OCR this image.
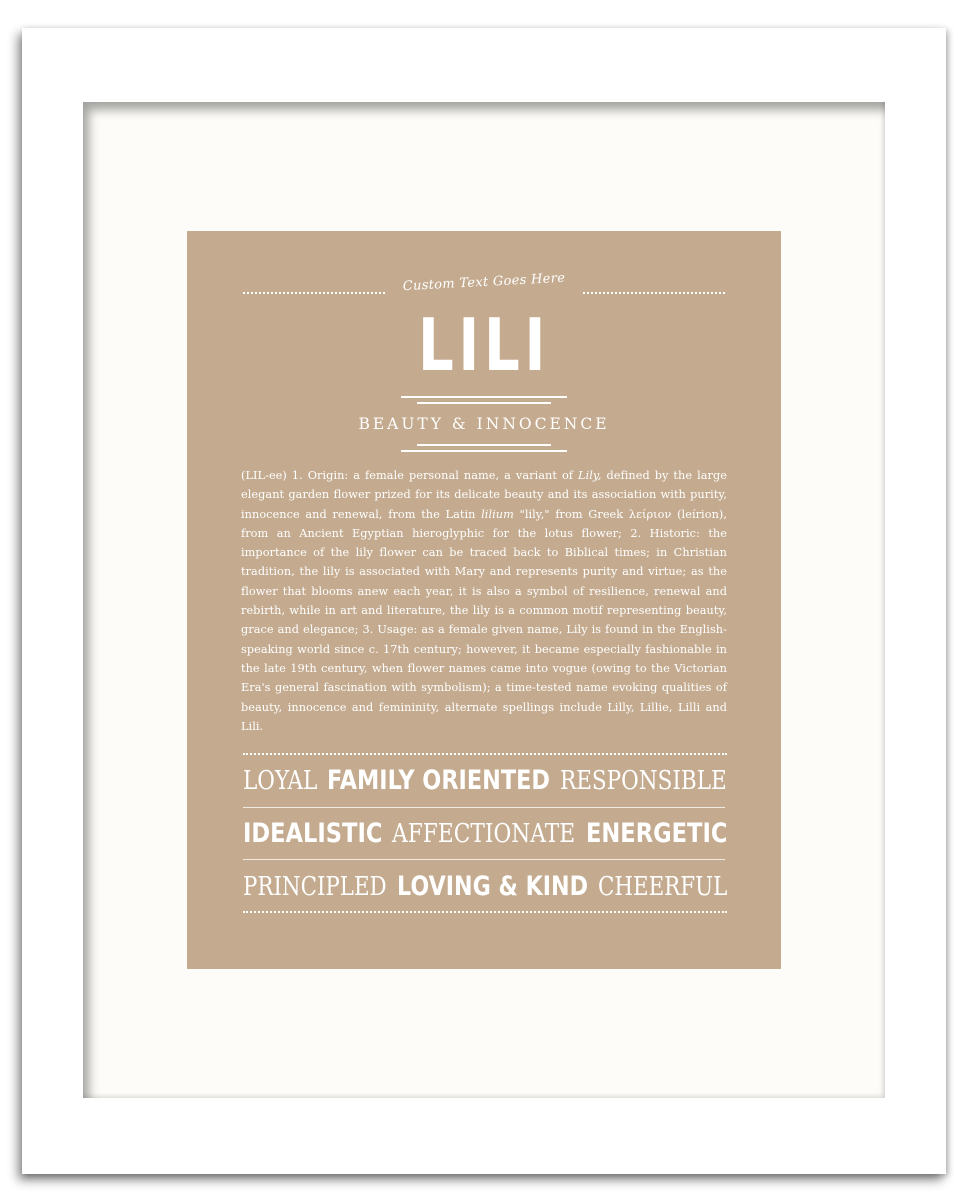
Custom Text Goes Here
LILI
BEAUTY & INNOCENCE
(LIL-ee) 1. Origin: a female personal name, a variant of Lily, defined by the large elegant garden flower prized for its delicate beauty and its association with purity, innocence and renewal, from the Latin lilium "lily," from Greek λείριον (leírion), from an Ancient Egyptian hieroglyphic for the lotus flower; 2. Historic: the importance of the lily flower can be traced back to Biblical times; in Christian tradition, the lily is associated with Mary and represents purity and virtue; as the flower that blooms anew each year, it is also a symbol of resilience, renewal and rebirth, while in art and literature, the lily is a common motif representing beauty, grace and elegance; 3. Usage: as a female given name, Lily is found in the English-speaking world since c. 17th century; however, it became especially fashionable in the late 19th century, when flower names came into vogue (owing to the Victorian Era's general fascination with symbolism); a time-tested name evoking qualities of beauty, innocence and femininity, alternate spellings include Lilly, Lillie, Lilli and Lili.
LOYAL FAMILY ORIENTED RESPONSIBLE
IDEALISTIC AFFECTIONATE ENERGETIC
PRINCIPLED LOVING & KIND CHEERFUL
